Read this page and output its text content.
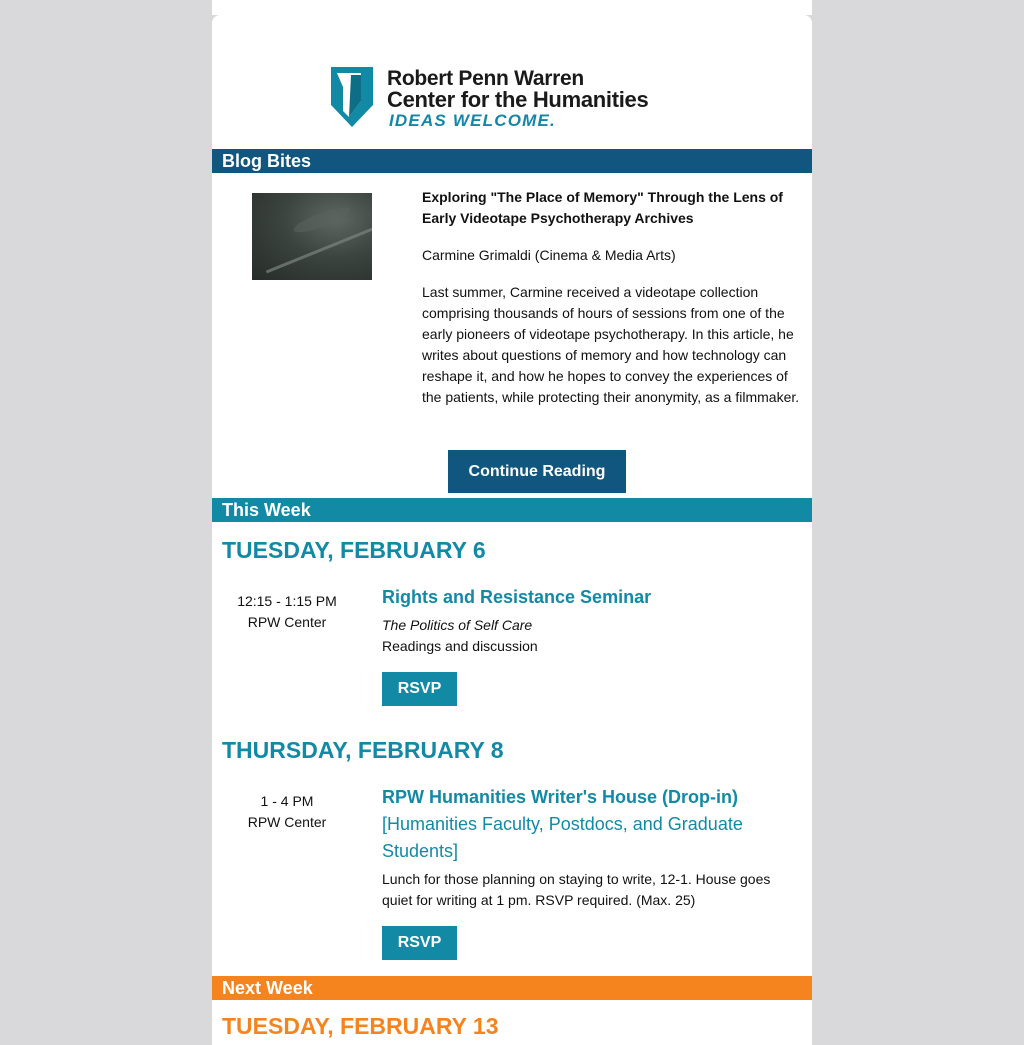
Robert Penn Warren
Center for the Humanities
IDEAS WELCOME.
Blog Bites

Exploring "The Place of Memory" Through the Lens of Early Videotape Psychotherapy Archives

Carmine Grimaldi (Cinema & Media Arts)

Last summer, Carmine received a videotape collection comprising thousands of hours of sessions from one of the early pioneers of videotape psychotherapy. In this article, he writes about questions of memory and how technology can reshape it, and how he hopes to convey the experiences of the patients, while protecting their anonymity, as a filmmaker.

Continue Reading
This Week
TUESDAY, FEBRUARY 6
12:15 - 1:15 PM
RPW Center
Rights and Resistance Seminar
The Politics of Self Care
Readings and discussion
RSVP
THURSDAY, FEBRUARY 8
1 - 4 PM
RPW Center
RPW Humanities Writer's House (Drop-in)
[Humanities Faculty, Postdocs, and Graduate Students]
Lunch for those planning on staying to write, 12-1. House goes quiet for writing at 1 pm. RSVP required. (Max. 25)
RSVP
Next Week
TUESDAY, FEBRUARY 13
